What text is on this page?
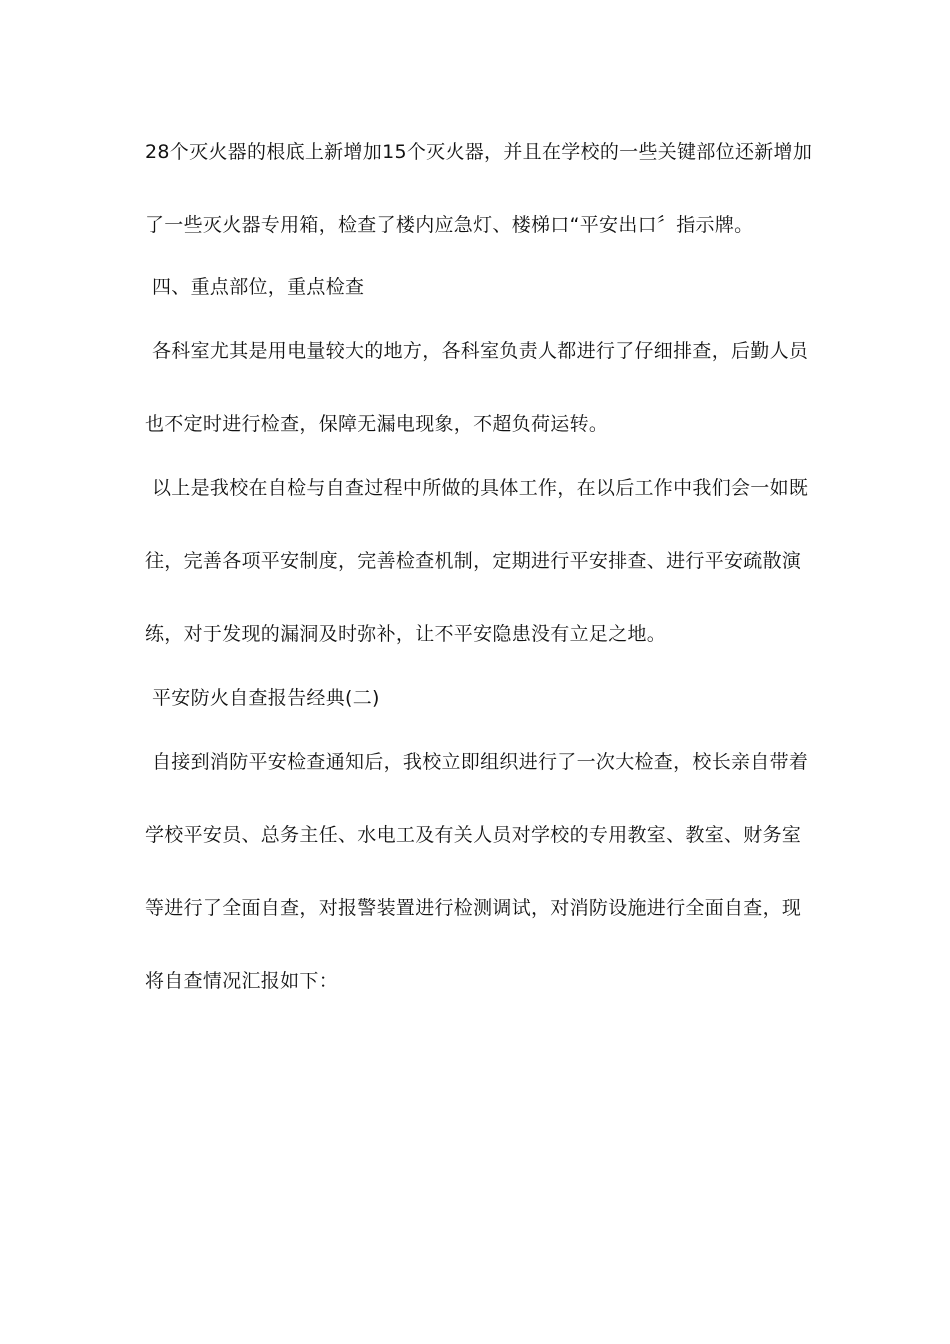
28个灭火器的根底上新增加15个灭火器，并且在学校的一些关键部位还新增加
了一些灭火器专用箱，检查了楼内应急灯、楼梯口“平安出口〞指示牌。
四、重点部位，重点检查
各科室尤其是用电量较大的地方，各科室负责人都进行了仔细排查，后勤人员
也不定时进行检查，保障无漏电现象，不超负荷运转。
以上是我校在自检与自查过程中所做的具体工作，在以后工作中我们会一如既
往，完善各项平安制度，完善检查机制，定期进行平安排查、进行平安疏散演
练，对于发现的漏洞及时弥补，让不平安隐患没有立足之地。
平安防火自查报告经典(二)
自接到消防平安检查通知后，我校立即组织进行了一次大检查，校长亲自带着
学校平安员、总务主任、水电工及有关人员对学校的专用教室、教室、财务室
等进行了全面自查，对报警装置进行检测调试，对消防设施进行全面自查，现
将自查情况汇报如下：
